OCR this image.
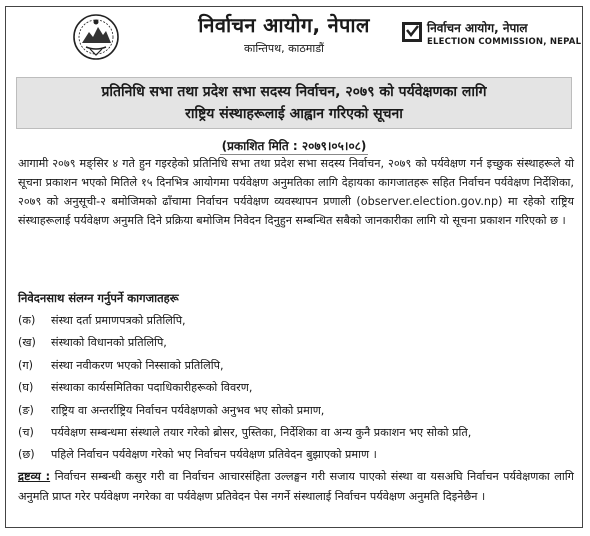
निर्वाचन आयोग, नेपाल
कान्तिपथ, काठमाडौं
निर्वाचन आयोग, नेपाल
ELECTION COMMISSION, NEPAL
प्रतिनिधि सभा तथा प्रदेश सभा सदस्य निर्वाचन, २०७९ को पर्यवेक्षणका लागि
राष्ट्रिय संस्थाहरूलाई आह्वान गरिएको सूचना
(प्रकाशित मिति : २०७९।०५।०८)
आगामी २०७९ मङ्सिर ४ गते हुन गइरहेको प्रतिनिधि सभा तथा प्रदेश सभा सदस्य निर्वाचन, २०७९ को पर्यवेक्षण गर्न इच्छुक संस्थाहरूले यो सूचना प्रकाशन भएको मितिले १५ दिनभित्र आयोगमा पर्यवेक्षण अनुमतिका लागि देहायका कागजातहरू सहित निर्वाचन पर्यवेक्षण निर्देशिका, २०७९ को अनुसूची-२ बमोजिमको ढाँचामा निर्वाचन पर्यवेक्षण व्यवस्थापन प्रणाली (observer.election.gov.np) मा रहेको राष्ट्रिय संस्थाहरूलाई पर्यवेक्षण अनुमति दिने प्रक्रिया बमोजिम निवेदन दिनुहुन सम्बन्धित सबैको जानकारीका लागि यो सूचना प्रकाशन गरिएको छ ।
निवेदनसाथ संलग्न गर्नुपर्ने कागजातहरू
(क) संस्था दर्ता प्रमाणपत्रको प्रतिलिपि,
(ख) संस्थाको विधानको प्रतिलिपि,
(ग) संस्था नवीकरण भएको निस्साको प्रतिलिपि,
(घ) संस्थाका कार्यसमितिका पदाधिकारीहरूको विवरण,
(ङ) राष्ट्रिय वा अन्तर्राष्ट्रिय निर्वाचन पर्यवेक्षणको अनुभव भए सोको प्रमाण,
(च) पर्यवेक्षण सम्बन्धमा संस्थाले तयार गरेको ब्रोसर, पुस्तिका, निर्देशिका वा अन्य कुनै प्रकाशन भए सोको प्रति,
(छ) पहिले निर्वाचन पर्यवेक्षण गरेको भए निर्वाचन पर्यवेक्षण प्रतिवेदन बुझाएको प्रमाण ।
द्रष्टव्य : निर्वाचन सम्बन्धी कसुर गरी वा निर्वाचन आचारसंहिता उल्लङ्घन गरी सजाय पाएको संस्था वा यसअघि निर्वाचन पर्यवेक्षणका लागि अनुमति प्राप्त गरेर पर्यवेक्षण नगरेका वा पर्यवेक्षण प्रतिवेदन पेस नगर्ने संस्थालाई निर्वाचन पर्यवेक्षण अनुमति दिइनेछैन ।
